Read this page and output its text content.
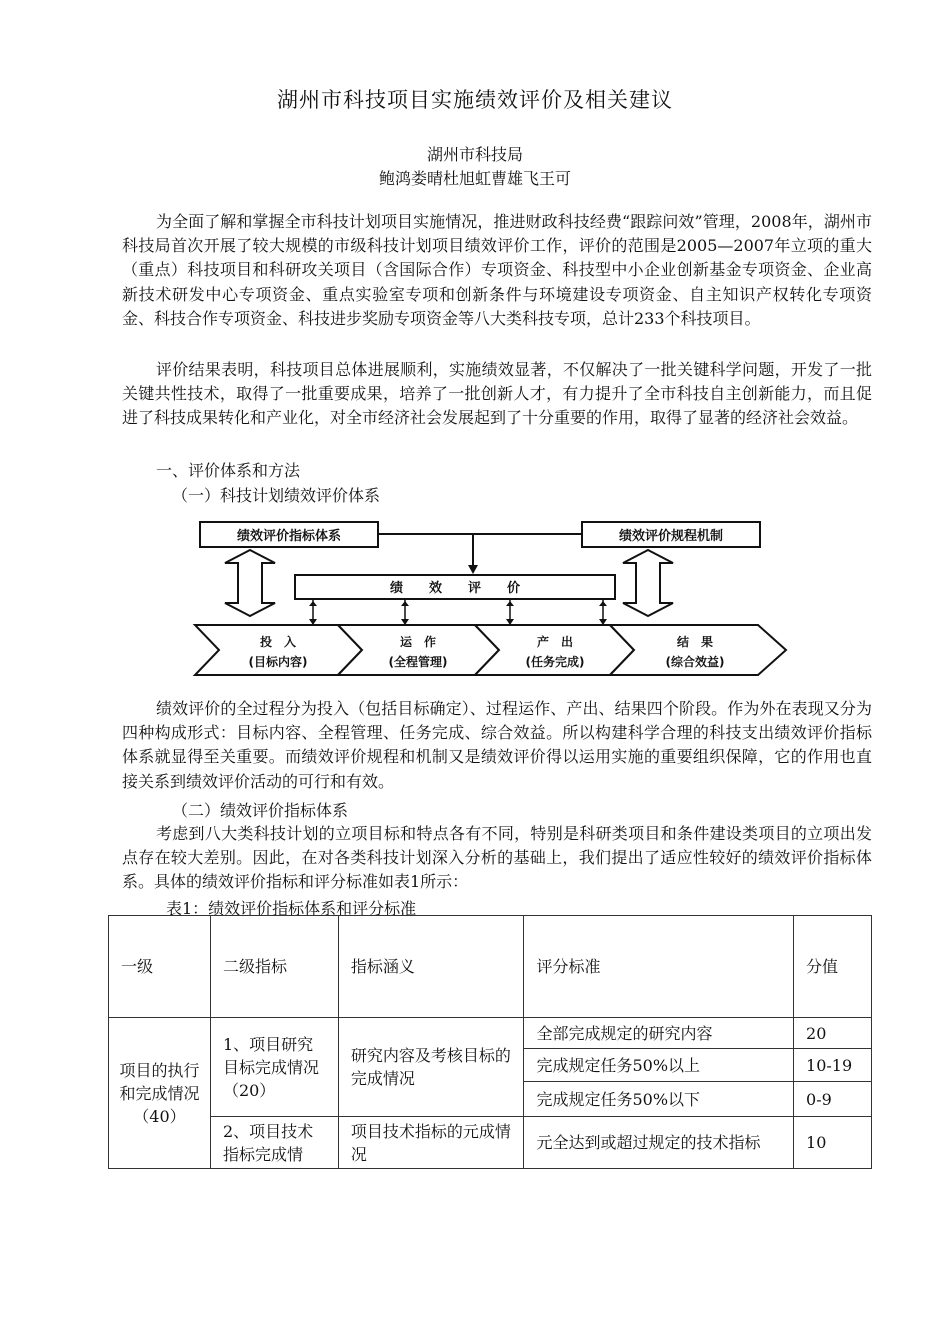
湖州市科技项目实施绩效评价及相关建议
湖州市科技局
鲍鸿娄晴杜旭虹曹雄飞王可
为全面了解和掌握全市科技计划项目实施情况，推进财政科技经费“跟踪问效”管理，2008年，湖州市科技局首次开展了较大规模的市级科技计划项目绩效评价工作，评价的范围是2005—2007年立项的重大（重点）科技项目和科研攻关项目（含国际合作）专项资金、科技型中小企业创新基金专项资金、企业高新技术研发中心专项资金、重点实验室专项和创新条件与环境建设专项资金、自主知识产权转化专项资金、科技合作专项资金、科技进步奖励专项资金等八大类科技专项，总计233个科技项目。
评价结果表明，科技项目总体进展顺利，实施绩效显著，不仅解决了一批关键科学问题，开发了一批关键共性技术，取得了一批重要成果，培养了一批创新人才，有力提升了全市科技自主创新能力，而且促进了科技成果转化和产业化，对全市经济社会发展起到了十分重要的作用，取得了显著的经济社会效益。
一、评价体系和方法
（一）科技计划绩效评价体系
绩效评价指标体系	绩效评价规程机制
绩　　效　　评　　价
投　入
(目标内容)
运　作
(全程管理)
产　出
(任务完成)
结　果
(综合效益)
绩效评价的全过程分为投入（包括目标确定）、过程运作、产出、结果四个阶段。作为外在表现又分为四种构成形式：目标内容、全程管理、任务完成、综合效益。所以构建科学合理的科技支出绩效评价指标体系就显得至关重要。而绩效评价规程和机制又是绩效评价得以运用实施的重要组织保障，它的作用也直接关系到绩效评价活动的可行和有效。
（二）绩效评价指标体系
考虑到八大类科技计划的立项目标和特点各有不同，特别是科研类项目和条件建设类项目的立项出发点存在较大差别。因此，在对各类科技计划深入分析的基础上，我们提出了适应性较好的绩效评价指标体系。具体的绩效评价指标和评分标准如表1所示：
表1：绩效评价指标体系和评分标准
一级	二级指标	指标涵义	评分标准	分值
项目的执行和完成情况（40）	1、项目研究目标完成情况（20）	研究内容及考核目标的完成情况	全部完成规定的研究内容	20
			完成规定任务50%以上	10-19
			完成规定任务50%以下	0-9
	2、项目技术指标完成情	项目技术指标的元成情况	元全达到或超过规定的技术指标	10
